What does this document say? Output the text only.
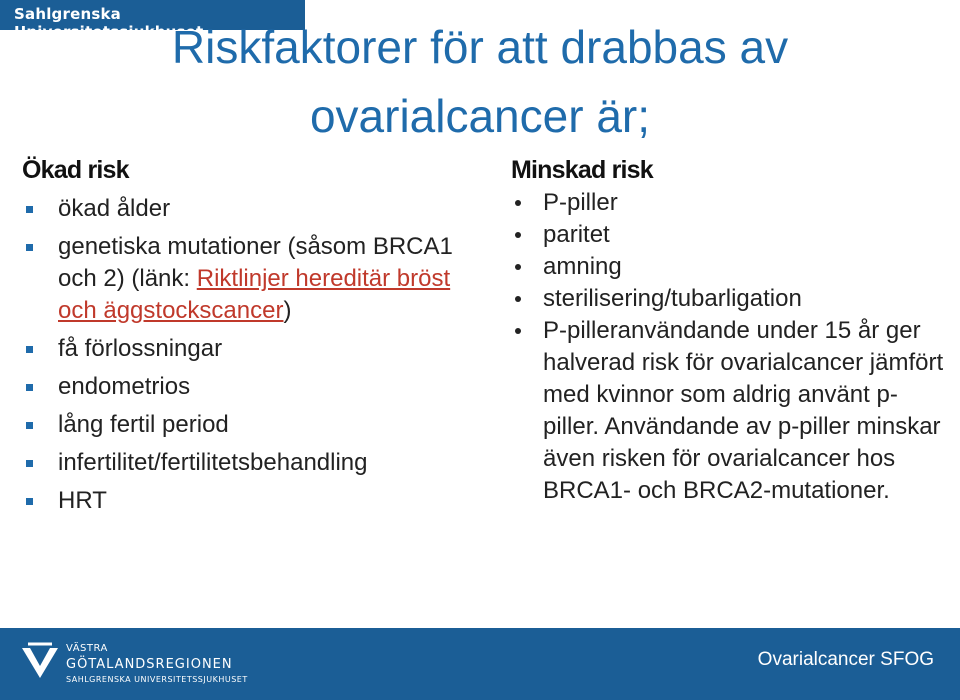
Sahlgrenska Universitetssjukhuset
Riskfaktorer för att drabbas av
ovarialcancer är;
Ökad risk
ökad ålder
genetiska mutationer (såsom BRCA1 och 2) (länk: Riktlinjer hereditär bröst och äggstockscancer)
få förlossningar
endometrios
lång fertil period
infertilitet/fertilitetsbehandling
HRT
Minskad risk
P-piller
paritet
amning
sterilisering/tubarligation
P-pilleranvändande under 15 år ger halverad risk för ovarialcancer jämfört med kvinnor som aldrig använt p-piller. Användande av p-piller minskar även risken för ovarialcancer hos BRCA1- och BRCA2-mutationer.
VÄSTRA
GÖTALANDSREGIONEN
SAHLGRENSKA UNIVERSITETSSJUKHUSET
Ovarialcancer SFOG
